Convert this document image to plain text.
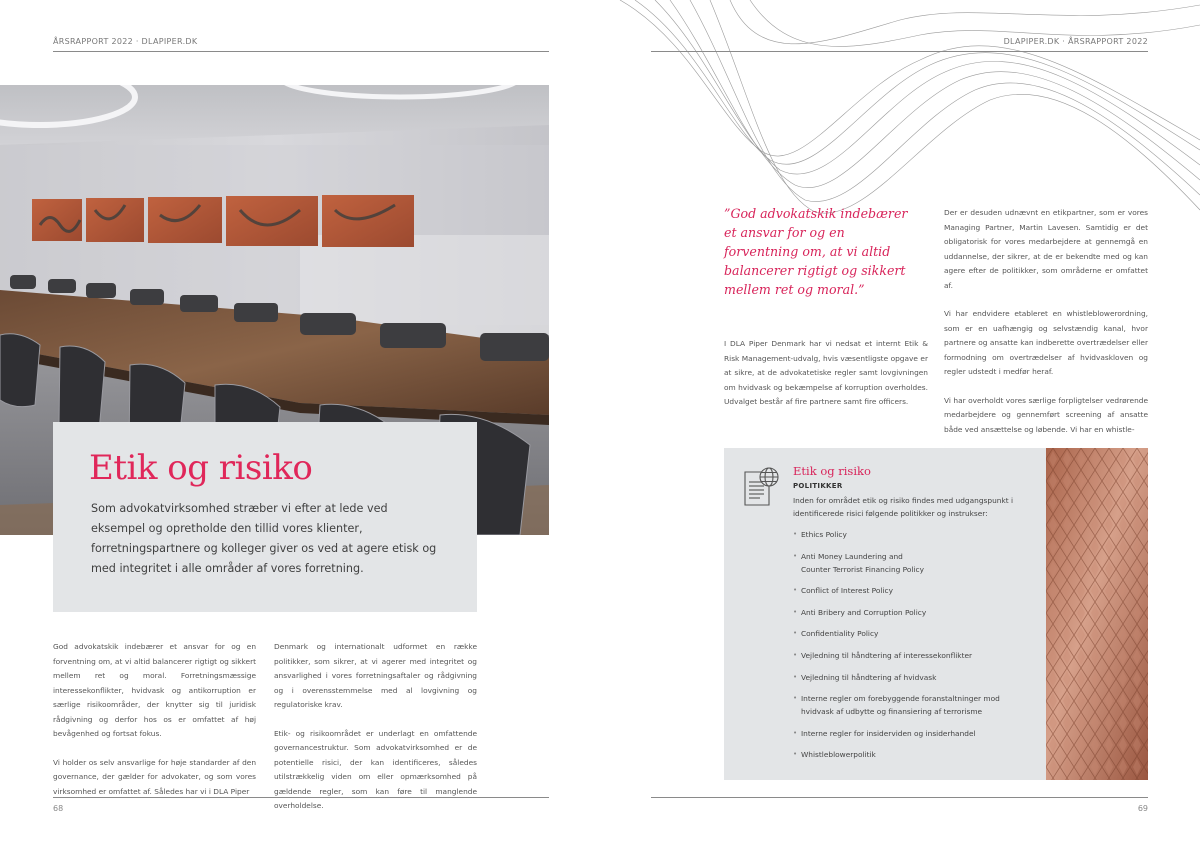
ÅRSRAPPORT 2022 · DLAPIPER.DK
Etik og risiko
Som advokatvirksomhed stræber vi efter at lede ved eksempel og opretholde den tillid vores klienter, forretningspartnere og kolleger giver os ved at agere etisk og med integritet i alle områder af vores forretning.

God advokatskik indebærer et ansvar for og en forventning om, at vi altid balancerer rigtigt og sikkert mellem ret og moral. Forretningsmæssige interessekonflikter, hvidvask og antikorruption er særlige risikoområder, der knytter sig til juridisk rådgivning og derfor hos os er omfattet af høj bevågenhed og fortsat fokus.

Vi holder os selv ansvarlige for høje standarder af den governance, der gælder for advokater, og som vores virksomhed er omfattet af. Således har vi i DLA Piper

Denmark og internationalt udformet en række politikker, som sikrer, at vi agerer med integritet og ansvarlighed i vores forretningsaftaler og rådgivning og i overensstemmelse med al lovgivning og regulatoriske krav.

Etik- og risikoområdet er underlagt en omfattende governancestruktur. Som advokatvirksomhed er de potentielle risici, der kan identificeres, således utilstrækkelig viden om eller opmærksomhed på gældende regler, som kan føre til manglende overholdelse.

68
DLAPIPER.DK · ÅRSRAPPORT 2022
”God advokatskik indebærer et ansvar for og en forventning om, at vi altid balancerer rigtigt og sikkert mellem ret og moral.”

I DLA Piper Denmark har vi nedsat et internt Etik & Risk Management-udvalg, hvis væsentligste opgave er at sikre, at de advokatetiske regler samt lovgivningen om hvidvask og bekæmpelse af korruption overholdes. Udvalget består af fire partnere samt fire officers.

Der er desuden udnævnt en etikpartner, som er vores Managing Partner, Martin Lavesen. Samtidig er det obligatorisk for vores medarbejdere at gennemgå en uddannelse, der sikrer, at de er bekendte med og kan agere efter de politikker, som områderne er omfattet af.

Vi har endvidere etableret en whistleblowerordning, som er en uafhængig og selvstændig kanal, hvor partnere og ansatte kan indberette overtrædelser eller formodning om overtrædelser af hvidvaskloven og regler udstedt i medfør heraf.

Vi har overholdt vores særlige forpligtelser vedrørende medarbejdere og gennemført screening af ansatte både ved ansættelse og løbende. Vi har en whistle-

Etik og risiko
POLITIKKER
Inden for området etik og risiko findes med udgangspunkt i identificerede risici følgende politikker og instrukser:
• Ethics Policy
• Anti Money Laundering and
Counter Terrorist Financing Policy
• Conflict of Interest Policy
• Anti Bribery and Corruption Policy
• Confidentiality Policy
• Vejledning til håndtering af interessekonflikter
• Vejledning til håndtering af hvidvask
• Interne regler om forebyggende foranstaltninger mod
hvidvask af udbytte og finansiering af terrorisme
• Interne regler for insiderviden og insiderhandel
• Whistleblowerpolitik
69
